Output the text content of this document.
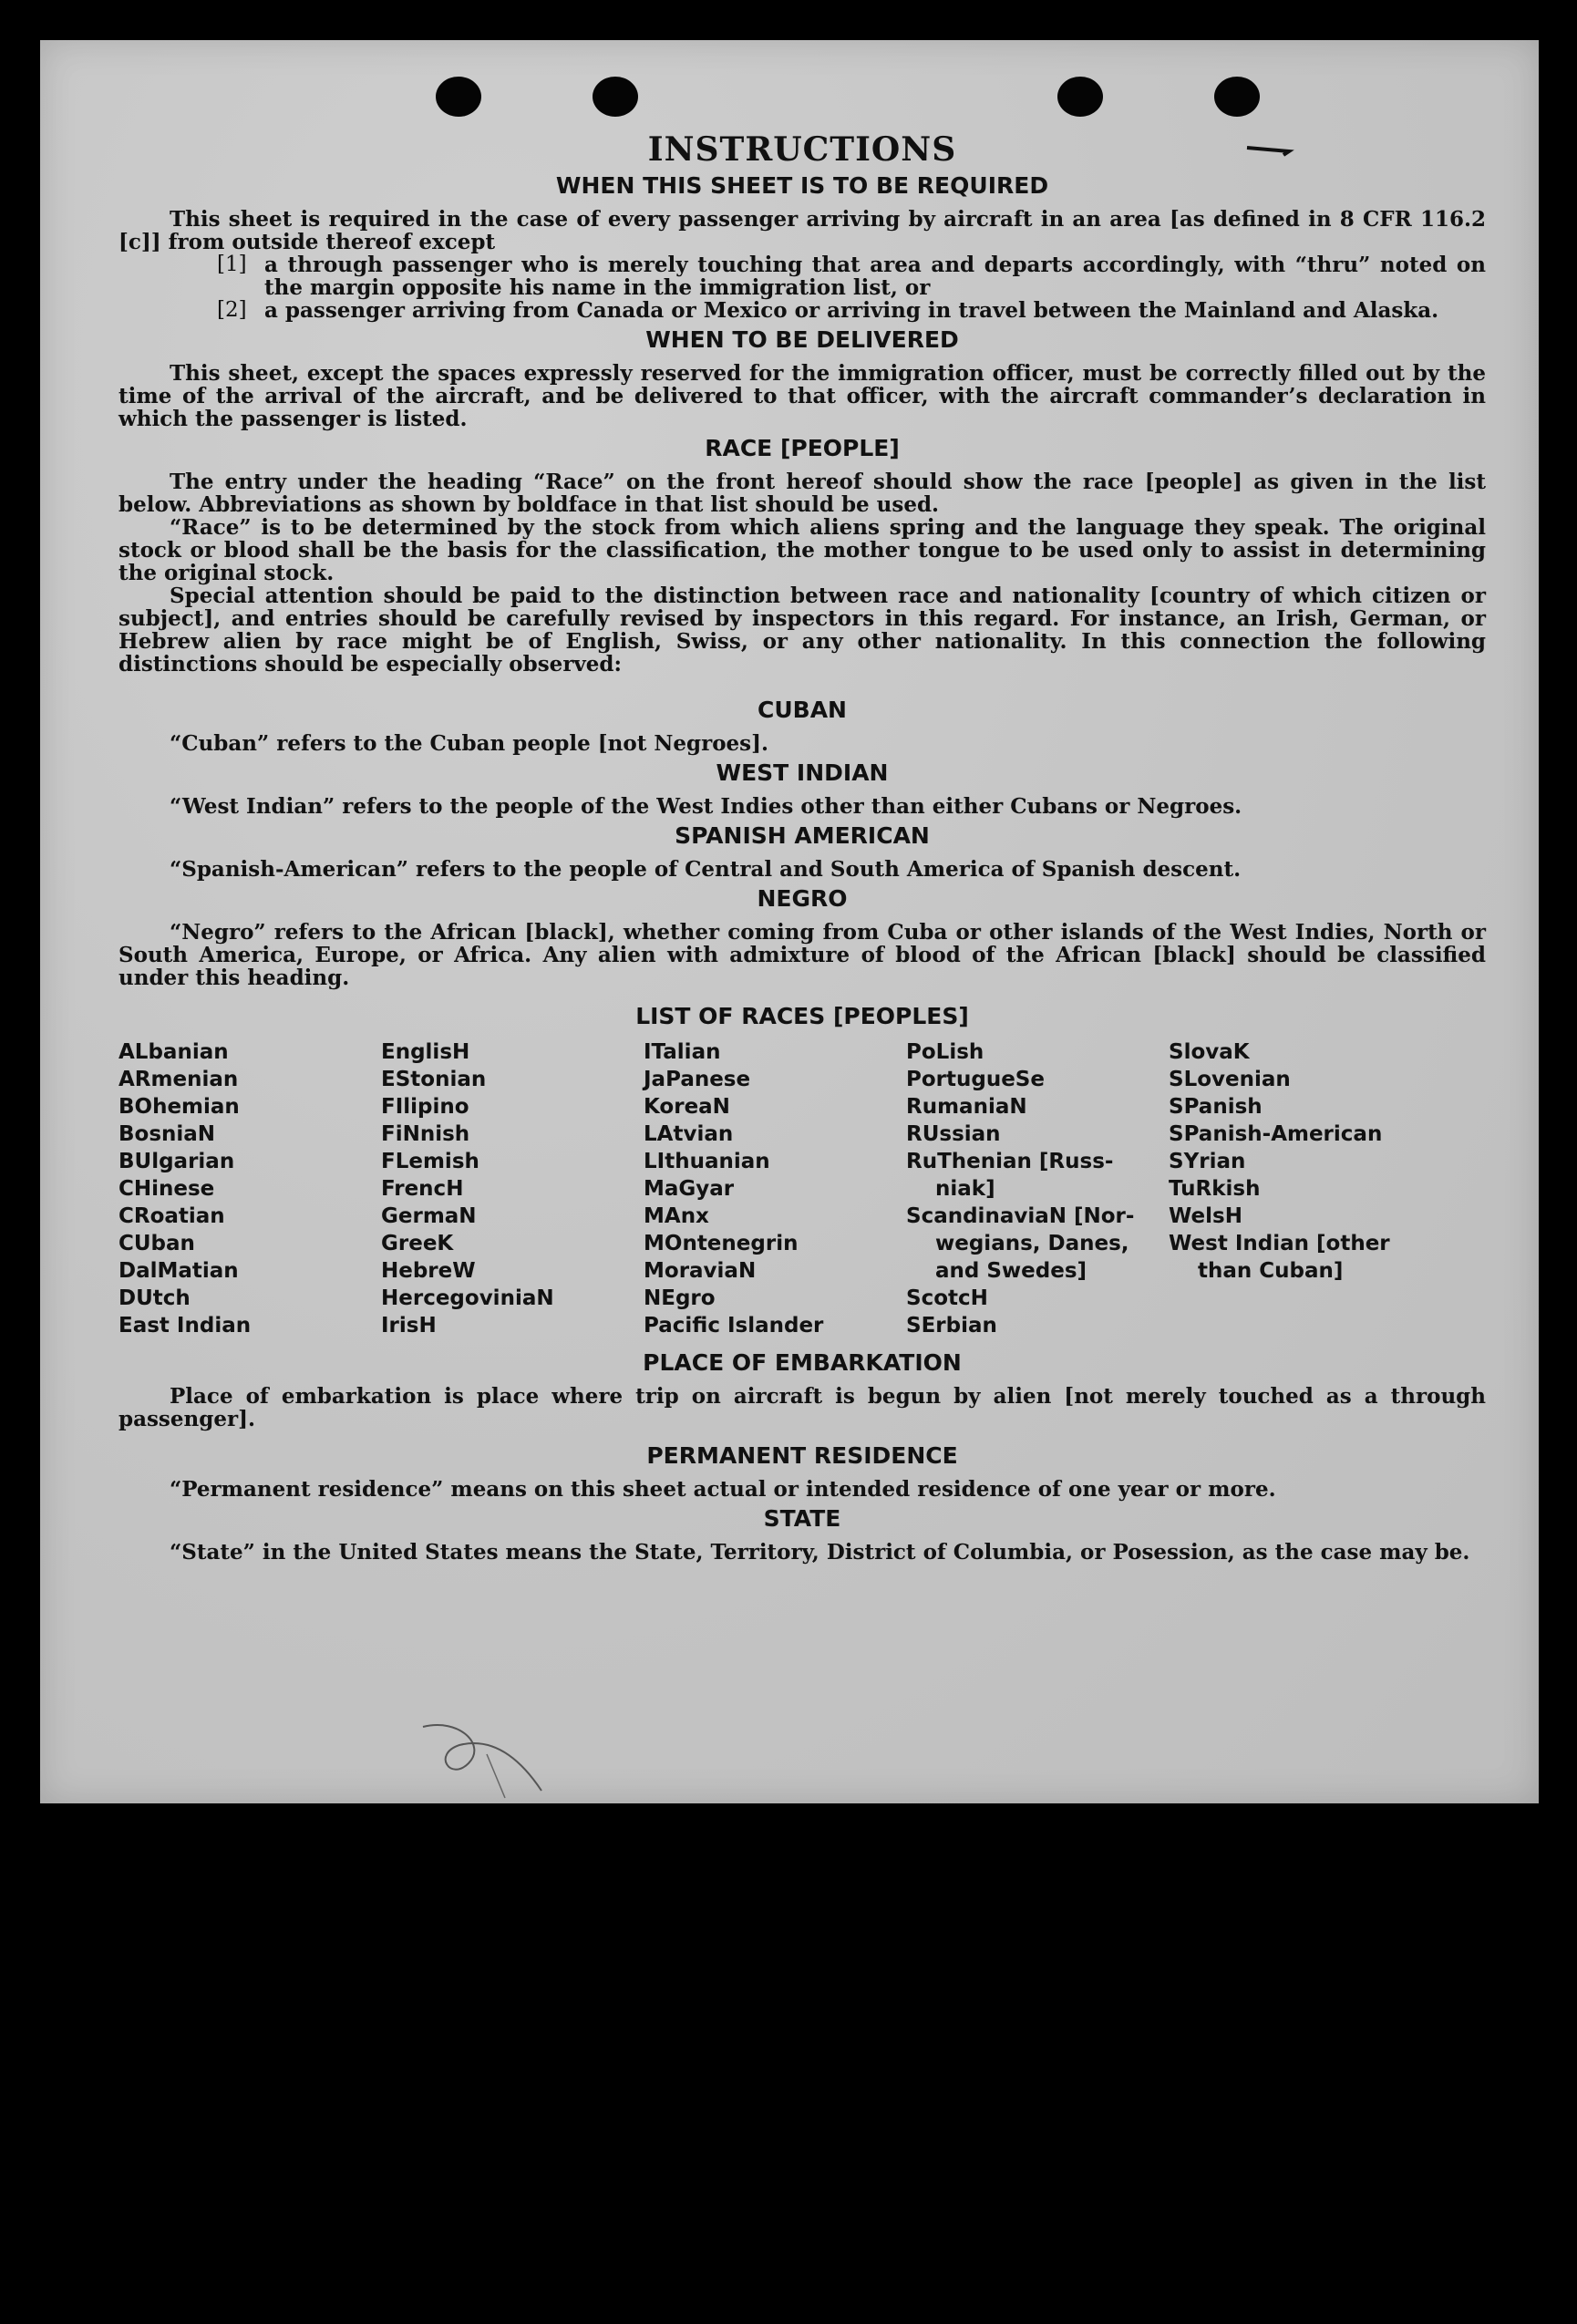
INSTRUCTIONS
WHEN THIS SHEET IS TO BE REQUIRED

This sheet is required in the case of every passenger arriving by aircraft in an area [as defined in 8 CFR 116.2 [c]] from outside thereof except

[1] a through passenger who is merely touching that area and departs accordingly, with “thru” noted on the margin opposite his name in the immigration list, or
[2] a passenger arriving from Canada or Mexico or arriving in travel between the Mainland and Alaska.
WHEN TO BE DELIVERED

This sheet, except the spaces expressly reserved for the immigration officer, must be correctly filled out by the time of the arrival of the aircraft, and be delivered to that officer, with the aircraft commander’s declaration in which the passenger is listed.

RACE [PEOPLE]

The entry under the heading “Race” on the front hereof should show the race [people] as given in the list below. Abbreviations as shown by boldface in that list should be used.

“Race” is to be determined by the stock from which aliens spring and the language they speak. The original stock or blood shall be the basis for the classification, the mother tongue to be used only to assist in determining the original stock.

Special attention should be paid to the distinction between race and nationality [country of which citizen or subject], and entries should be carefully revised by inspectors in this regard. For instance, an Irish, German, or Hebrew alien by race might be of English, Swiss, or any other nationality. In this connection the following distinctions should be especially observed:

CUBAN

“Cuban” refers to the Cuban people [not Negroes].

WEST INDIAN

“West Indian” refers to the people of the West Indies other than either Cubans or Negroes.

SPANISH AMERICAN

“Spanish-American” refers to the people of Central and South America of Spanish descent.

NEGRO

“Negro” refers to the African [black], whether coming from Cuba or other islands of the West Indies, North or South America, Europe, or Africa. Any alien with admixture of blood of the African [black] should be classified under this heading.

LIST OF RACES [PEOPLES]
ALbanian
ARmenian
BOhemian
BosniaN
BUlgarian
CHinese
CRoatian
CUban
DalMatian
DUtch
East Indian
EnglisH
EStonian
FIlipino
FiNnish
FLemish
FrencH
GermaN
GreeK
HebreW
HercegoviniaN
IrisH
ITalian
JaPanese
KoreaN
LAtvian
LIthuanian
MaGyar
MAnx
MOntenegrin
MoraviaN
NEgro
Pacific Islander
PoLish
PortugueSe
RumaniaN
RUssian
RuThenian [Russ-
niak]
ScandinaviaN [Nor-
wegians, Danes,
and Swedes]
ScotcH
SErbian
SlovaK
SLovenian
SPanish
SPanish-American
SYrian
TuRkish
WelsH
West Indian [other
than Cuban]
PLACE OF EMBARKATION

Place of embarkation is place where trip on aircraft is begun by alien [not merely touched as a through passenger].

PERMANENT RESIDENCE

“Permanent residence” means on this sheet actual or intended residence of one year or more.

STATE

“State” in the United States means the State, Territory, District of Columbia, or Posession, as the case may be.
